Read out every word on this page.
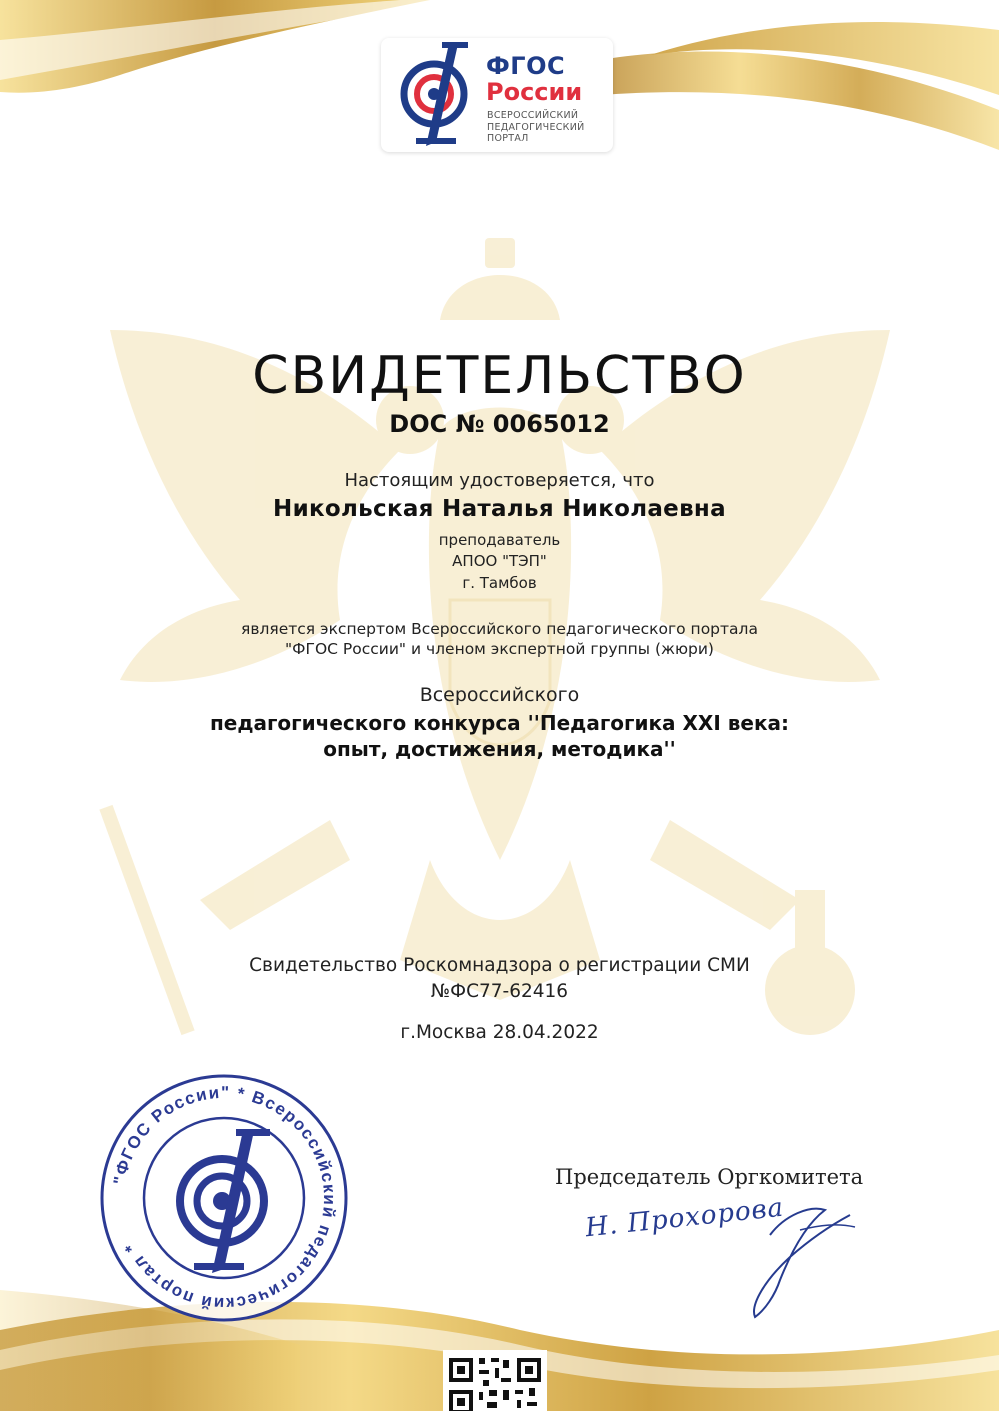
ФГОС
России
ВСЕРОССИЙСКИЙ ПЕДАГОГИЧЕСКИЙ ПОРТАЛ
СВИДЕТЕЛЬСТВО
DOC № 0065012
Настоящим удостоверяется, что
Никольская Наталья Николаевна
преподаватель
АПОО "ТЭП"
г. Тамбов
является экспертом Всероссийского педагогического портала
"ФГОС России" и членом экспертной группы (жюри)
Всероссийского
педагогического конкурса ''Педагогика XXI века:
опыт, достижения, методика''
Свидетельство Роскомнадзора о регистрации СМИ
№ФС77-62416
г.Москва 28.04.2022
"ФГОС России" * Всероссийский педагогический портал *
Председатель Оргкомитета
Н. Прохорова
